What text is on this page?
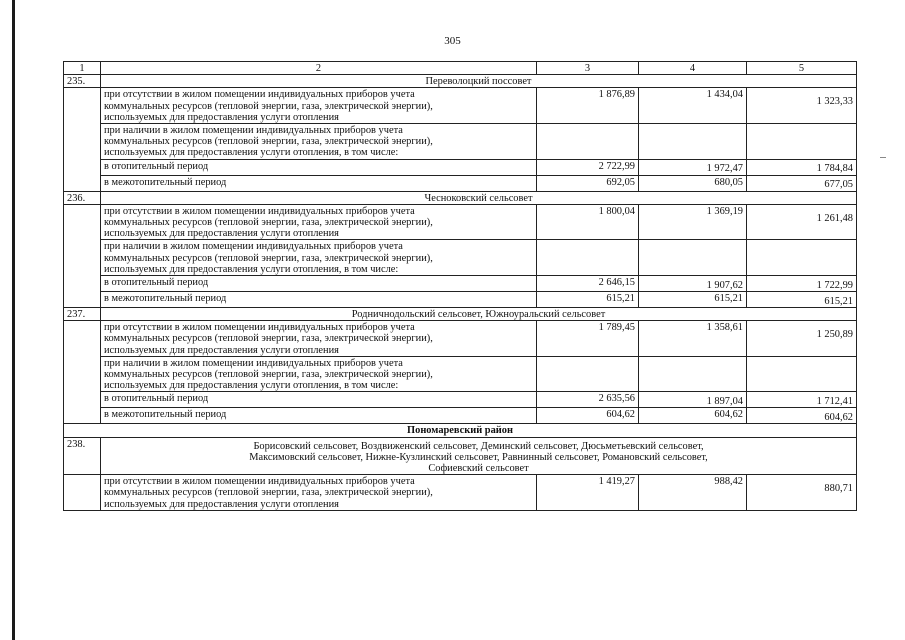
305
1	2	3	4	5
235.	Переволоцкий поссовет			
	при отсутствии в жилом помещении индивидуальных приборов учета
коммунальных ресурсов (тепловой энергии, газа, электрической энергии),
используемых для предоставления услуги отопления	1 876,89	1 434,04	1 323,33
	при наличии в жилом помещении индивидуальных приборов учета
коммунальных ресурсов (тепловой энергии, газа, электрической энергии),
используемых для предоставления услуги отопления, в том числе:			
	в отопительный период	2 722,99	1 972,47	1 784,84
	в межотопительный период	692,05	680,05	677,05
236.	Чесноковский сельсовет			
	при отсутствии в жилом помещении индивидуальных приборов учета
коммунальных ресурсов (тепловой энергии, газа, электрической энергии),
используемых для предоставления услуги отопления	1 800,04	1 369,19	1 261,48
	при наличии в жилом помещении индивидуальных приборов учета
коммунальных ресурсов (тепловой энергии, газа, электрической энергии),
используемых для предоставления услуги отопления, в том числе:			
	в отопительный период	2 646,15	1 907,62	1 722,99
	в межотопительный период	615,21	615,21	615,21
237.	Родничнодольский сельсовет, Южноуральский сельсовет			
	при отсутствии в жилом помещении индивидуальных приборов учета
коммунальных ресурсов (тепловой энергии, газа, электрической энергии),
используемых для предоставления услуги отопления	1 789,45	1 358,61	1 250,89
	при наличии в жилом помещении индивидуальных приборов учета
коммунальных ресурсов (тепловой энергии, газа, электрической энергии),
используемых для предоставления услуги отопления, в том числе:			
	в отопительный период	2 635,56	1 897,04	1 712,41
	в межотопительный период	604,62	604,62	604,62
Пономаревский район				
238.	Борисовский сельсовет, Воздвиженский сельсовет, Деминский сельсовет, Дюсьметьевский сельсовет,
Максимовский сельсовет, Нижне-Кузлинский сельсовет, Равнинный сельсовет, Романовский сельсовет,
Софиевский сельсовет			
	при отсутствии в жилом помещении индивидуальных приборов учета
коммунальных ресурсов (тепловой энергии, газа, электрической энергии),
используемых для предоставления услуги отопления	1 419,27	988,42	880,71
